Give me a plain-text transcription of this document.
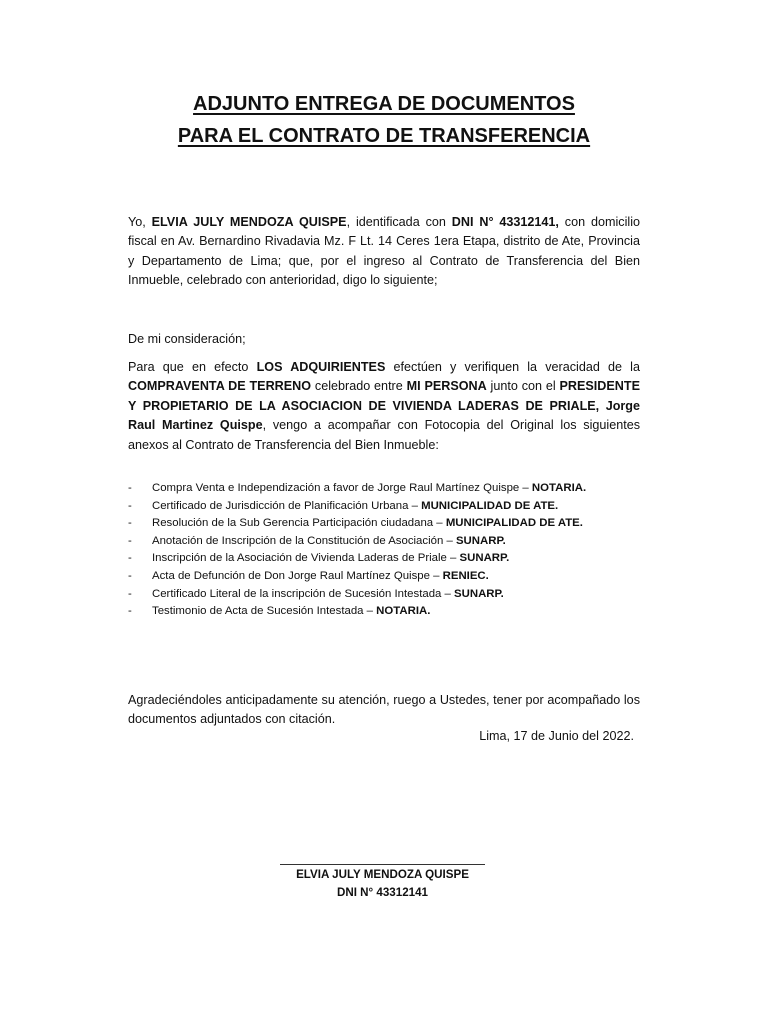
ADJUNTO ENTREGA DE DOCUMENTOS
PARA EL CONTRATO DE TRANSFERENCIA

Yo, ELVIA JULY MENDOZA QUISPE, identificada con DNI N° 43312141, con domicilio fiscal en Av. Bernardino Rivadavia Mz. F Lt. 14 Ceres 1era Etapa, distrito de Ate, Provincia y Departamento de Lima; que, por el ingreso al Contrato de Transferencia del Bien Inmueble, celebrado con anterioridad, digo lo siguiente;

De mi consideración;

Para que en efecto LOS ADQUIRIENTES efectúen y verifiquen la veracidad de la COMPRAVENTA DE TERRENO celebrado entre MI PERSONA junto con el PRESIDENTE Y PROPIETARIO DE LA ASOCIACION DE VIVIENDA LADERAS DE PRIALE, Jorge Raul Martinez Quispe, vengo a acompañar con Fotocopia del Original los siguientes anexos al Contrato de Transferencia del Bien Inmueble:

- Compra Venta e Independización a favor de Jorge Raul Martínez Quispe – NOTARIA.
- Certificado de Jurisdicción de Planificación Urbana – MUNICIPALIDAD DE ATE.
- Resolución de la Sub Gerencia Participación ciudadana – MUNICIPALIDAD DE ATE.
- Anotación de Inscripción de la Constitución de Asociación – SUNARP.
- Inscripción de la Asociación de Vivienda Laderas de Priale – SUNARP.
- Acta de Defunción de Don Jorge Raul Martínez Quispe – RENIEC.
- Certificado Literal de la inscripción de Sucesión Intestada – SUNARP.
- Testimonio de Acta de Sucesión Intestada – NOTARIA.

Agradeciéndoles anticipadamente su atención, ruego a Ustedes, tener por acompañado los documentos adjuntados con citación.

Lima, 17 de Junio del 2022.
ELVIA JULY MENDOZA QUISPE
DNI N° 43312141
